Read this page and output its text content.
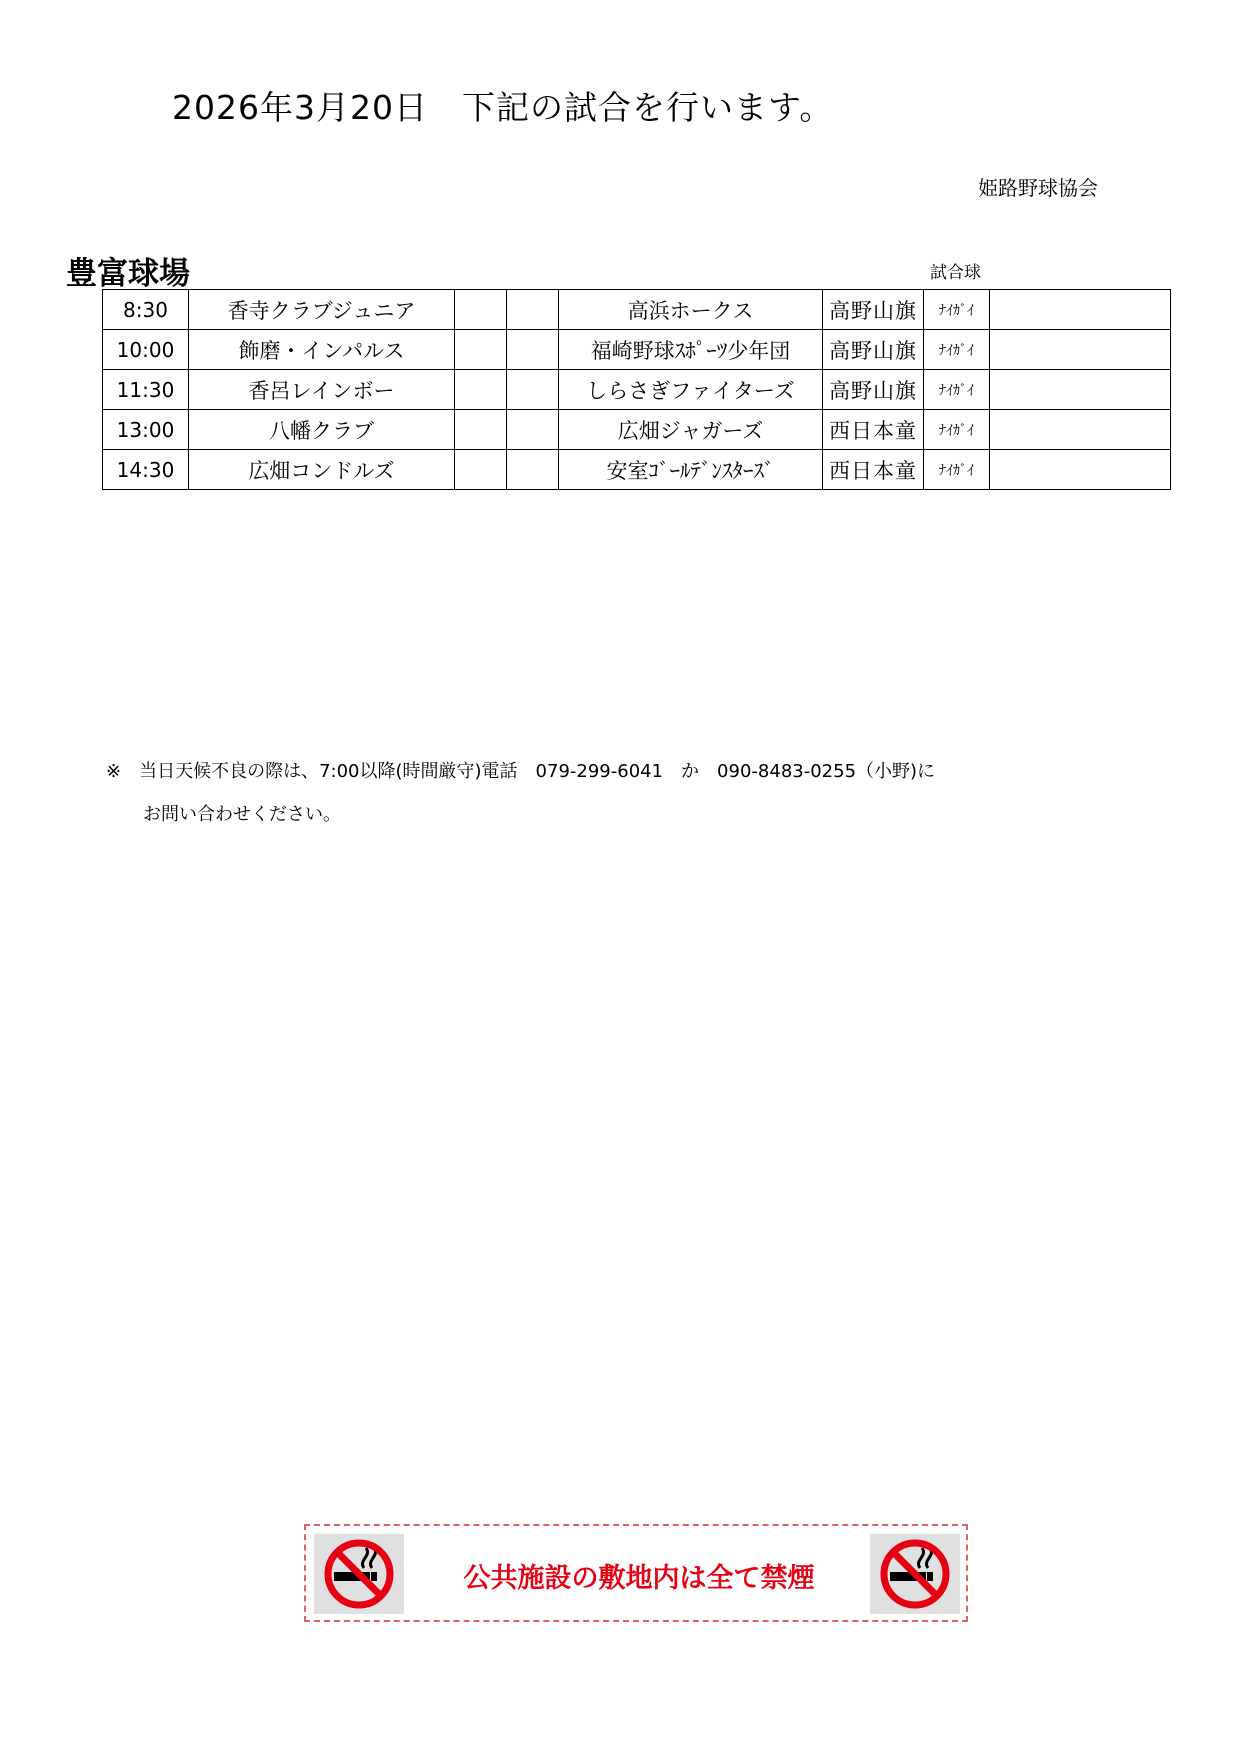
2026年3月20日　下記の試合を行います。
姫路野球協会
豊富球場	試合球
8:30	香寺クラブジュニア			高浜ホークス	高野山旗	ﾅｲｶﾞｲ	
10:00	飾磨・インパルス			福崎野球ｽﾎﾟｰﾂ少年団	高野山旗	ﾅｲｶﾞｲ	
11:30	香呂レインボー			しらさぎファイターズ	高野山旗	ﾅｲｶﾞｲ	
13:00	八幡クラブ			広畑ジャガーズ	西日本童	ﾅｲｶﾞｲ	
14:30	広畑コンドルズ			安室ｺﾞｰﾙﾃﾞﾝｽﾀｰｽﾞ	西日本童	ﾅｲｶﾞｲ	
※　当日天候不良の際は、7:00以降(時間厳守)電話　079-299-6041　か　090-8483-0255（小野)に
お問い合わせください。
公共施設の敷地内は全て禁煙
